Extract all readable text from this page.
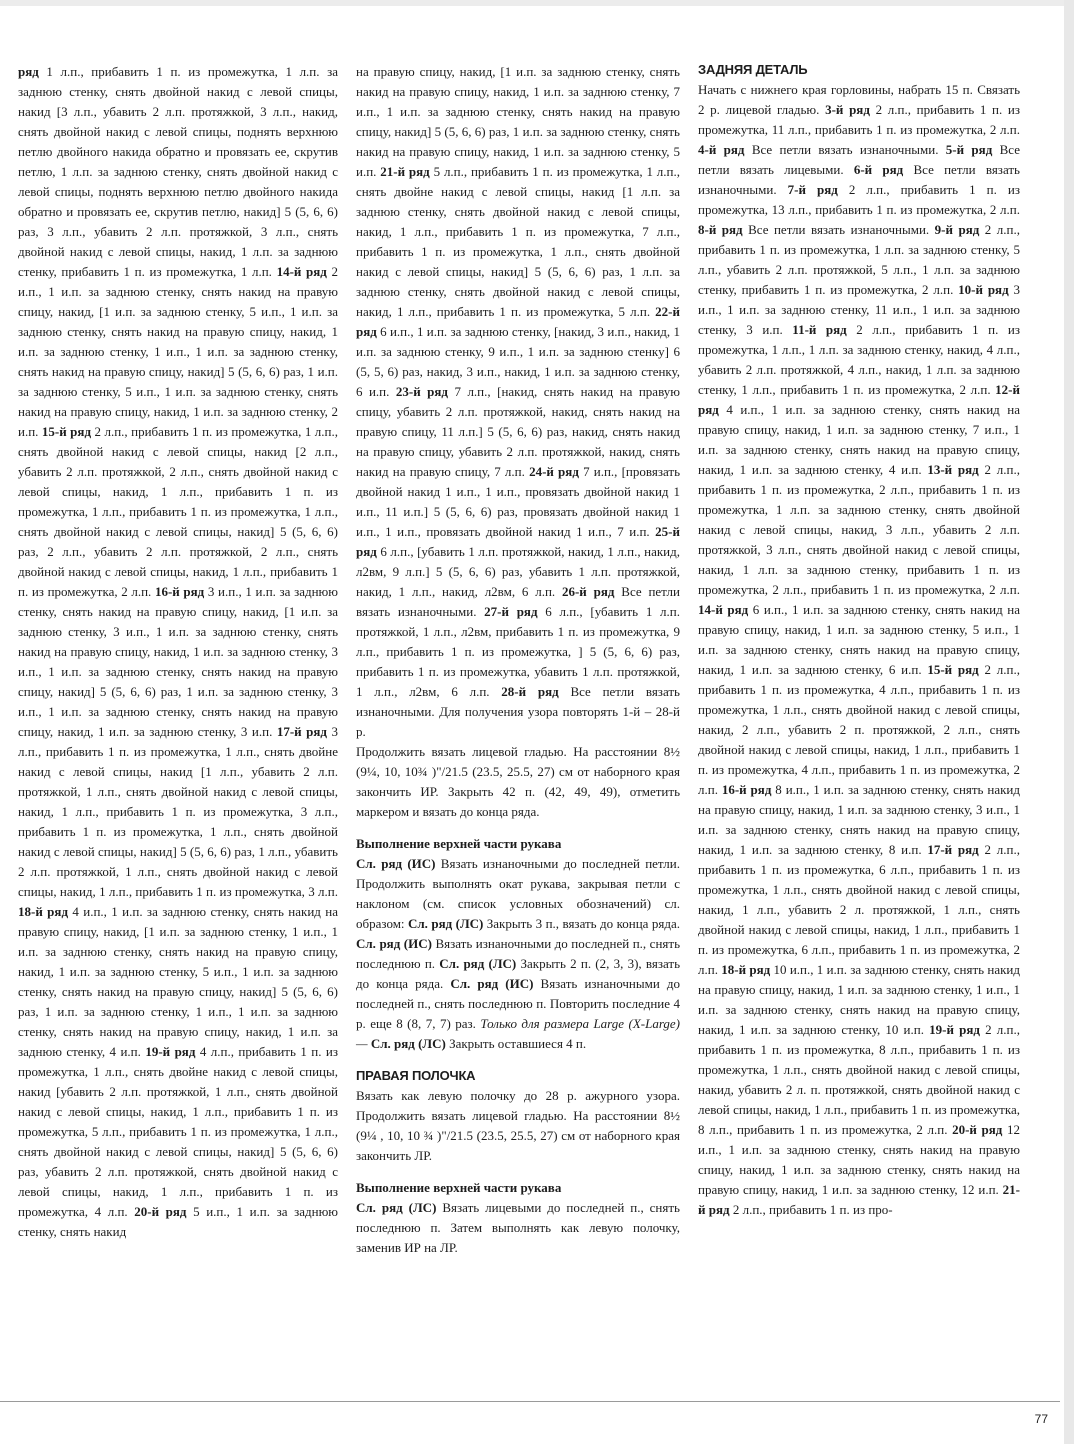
ряд 1 л.п., прибавить 1 п. из промежутка, 1 л.п. за заднюю стенку, снять двойной накид с левой спицы, накид [3 л.п., убавить 2 л.п. протяжкой, 3 л.п., накид, снять двойной накид с левой спицы, поднять верхнюю петлю двойного накида обратно и провязать ее, скрутив петлю, 1 л.п. за заднюю стенку, снять двойной накид с левой спицы, поднять верхнюю петлю двойного накида обратно и провязать ее, скрутив петлю, накид] 5 (5, 6, 6) раз, 3 л.п., убавить 2 л.п. протяжкой, 3 л.п., снять двойной накид с левой спицы, накид, 1 л.п. за заднюю стенку, прибавить 1 п. из промежутка, 1 л.п. 14-й ряд 2 и.п., 1 и.п. за заднюю стенку, снять накид на правую спицу, накид, [1 и.п. за заднюю стенку, 5 и.п., 1 и.п. за заднюю стенку, снять накид на правую спицу, накид, 1 и.п. за заднюю стенку, 1 и.п., 1 и.п. за заднюю стенку, снять накид на правую спицу, накид] 5 (5, 6, 6) раз, 1 и.п. за заднюю стенку, 5 и.п., 1 и.п. за заднюю стенку, снять накид на правую спицу, накид, 1 и.п. за заднюю стенку, 2 и.п. 15-й ряд 2 л.п., прибавить 1 п. из промежутка, 1 л.п., снять двойной накид с левой спицы, накид [2 л.п., убавить 2 л.п. протяжкой, 2 л.п., снять двойной накид с левой спицы, накид, 1 л.п., прибавить 1 п. из промежутка, 1 л.п., прибавить 1 п. из промежутка, 1 л.п., снять двойной накид с левой спицы, накид] 5 (5, 6, 6) раз, 2 л.п., убавить 2 л.п. протяжкой, 2 л.п., снять двойной накид с левой спицы, накид, 1 л.п., прибавить 1 п. из промежутка, 2 л.п. 16-й ряд 3 и.п., 1 и.п. за заднюю стенку, снять накид на правую спицу, накид, [1 и.п. за заднюю стенку, 3 и.п., 1 и.п. за заднюю стенку, снять накид на правую спицу, накид, 1 и.п. за заднюю стенку, 3 и.п., 1 и.п. за заднюю стенку, снять накид на правую спицу, накид] 5 (5, 6, 6) раз, 1 и.п. за заднюю стенку, 3 и.п., 1 и.п. за заднюю стенку, снять накид на правую спицу, накид, 1 и.п. за заднюю стенку, 3 и.п. 17-й ряд 3 л.п., прибавить 1 п. из промежутка, 1 л.п., снять двойне накид с левой спицы, накид [1 л.п., убавить 2 л.п. протяжкой, 1 л.п., снять двойной накид с левой спицы, накид, 1 л.п., прибавить 1 п. из промежутка, 3 л.п., прибавить 1 п. из промежутка, 1 л.п., снять двойной накид с левой спицы, накид] 5 (5, 6, 6) раз, 1 л.п., убавить 2 л.п. протяжкой, 1 л.п., снять двойной накид с левой спицы, накид, 1 л.п., прибавить 1 п. из промежутка, 3 л.п. 18-й ряд 4 и.п., 1 и.п. за заднюю стенку, снять накид на правую спицу, накид, [1 и.п. за заднюю стенку, 1 и.п., 1 и.п. за заднюю стенку, снять накид на правую спицу, накид, 1 и.п. за заднюю стенку, 5 и.п., 1 и.п. за заднюю стенку, снять накид на правую спицу, накид] 5 (5, 6, 6) раз, 1 и.п. за заднюю стенку, 1 и.п., 1 и.п. за заднюю стенку, снять накид на правую спицу, накид, 1 и.п. за заднюю стенку, 4 и.п. 19-й ряд 4 л.п., прибавить 1 п. из промежутка, 1 л.п., снять двойне накид с левой спицы, накид [убавить 2 л.п. протяжкой, 1 л.п., снять двойной накид с левой спицы, накид, 1 л.п., прибавить 1 п. из промежутка, 5 л.п., прибавить 1 п. из промежутка, 1 л.п., снять двойной накид с левой спицы, накид] 5 (5, 6, 6) раз, убавить 2 л.п. протяжкой, снять двойной накид с левой спицы, накид, 1 л.п., прибавить 1 п. из промежутка, 4 л.п. 20-й ряд 5 и.п., 1 и.п. за заднюю стенку, снять накид

на правую спицу, накид, [1 и.п. за заднюю стенку, снять накид на правую спицу, накид, 1 и.п. за заднюю стенку, 7 и.п., 1 и.п. за заднюю стенку, снять накид на правую спицу, накид] 5 (5, 6, 6) раз, 1 и.п. за заднюю стенку, снять накид на правую спицу, накид, 1 и.п. за заднюю стенку, 5 и.п. 21-й ряд 5 л.п., прибавить 1 п. из промежутка, 1 л.п., снять двойне накид с левой спицы, накид [1 л.п. за заднюю стенку, снять двойной накид с левой спицы, накид, 1 л.п., прибавить 1 п. из промежутка, 7 л.п., прибавить 1 п. из промежутка, 1 л.п., снять двойной накид с левой спицы, накид] 5 (5, 6, 6) раз, 1 л.п. за заднюю стенку, снять двойной накид с левой спицы, накид, 1 л.п., прибавить 1 п. из промежутка, 5 л.п. 22-й ряд 6 и.п., 1 и.п. за заднюю стенку, [накид, 3 и.п., накид, 1 и.п. за заднюю стенку, 9 и.п., 1 и.п. за заднюю стенку] 6 (5, 5, 6) раз, накид, 3 и.п., накид, 1 и.п. за заднюю стенку, 6 и.п. 23-й ряд 7 л.п., [накид, снять накид на правую спицу, убавить 2 л.п. протяжкой, накид, снять накид на правую спицу, 11 л.п.] 5 (5, 6, 6) раз, накид, снять накид на правую спицу, убавить 2 л.п. протяжкой, накид, снять накид на правую спицу, 7 л.п. 24-й ряд 7 и.п., [провязать двойной накид 1 и.п., 1 и.п., провязать двойной накид 1 и.п., 11 и.п.] 5 (5, 6, 6) раз, провязать двойной накид 1 и.п., 1 и.п., провязать двойной накид 1 и.п., 7 и.п. 25-й ряд 6 л.п., [убавить 1 л.п. протяжкой, накид, 1 л.п., накид, л2вм, 9 л.п.] 5 (5, 6, 6) раз, убавить 1 л.п. протяжкой, накид, 1 л.п., накид, л2вм, 6 л.п. 26-й ряд Все петли вязать изнаночными. 27-й ряд 6 л.п., [убавить 1 л.п. протяжкой, 1 л.п., л2вм, прибавить 1 п. из промежутка, 9 л.п., прибавить 1 п. из промежутка, ] 5 (5, 6, 6) раз, прибавить 1 п. из промежутка, убавить 1 л.п. протяжкой, 1 л.п., л2вм, 6 л.п. 28-й ряд Все петли вязать изнаночными. Для получения узора повторять 1-й – 28-й р.

Продолжить вязать лицевой гладью. На расстоянии 8½ (9¼, 10, 10¾ )"/21.5 (23.5, 25.5, 27) см от наборного края закончить ИР. Закрыть 42 п. (42, 49, 49), отметить маркером и вязать до конца ряда.

Выполнение верхней части рукава

Сл. ряд (ИС) Вязать изнаночными до последней петли. Продолжить выполнять окат рукава, закрывая петли с наклоном (см. список условных обозначений) сл. образом: Сл. ряд (ЛС) Закрыть 3 п., вязать до конца ряда. Сл. ряд (ИС) Вязать изнаночными до последней п., снять последнюю п. Сл. ряд (ЛС) Закрыть 2 п. (2, 3, 3), вязать до конца ряда. Сл. ряд (ИС) Вязать изнаночными до последней п., снять последнюю п. Повторить последние 4 р. еще 8 (8, 7, 7) раз. Только для размера Large (X-Large) — Сл. ряд (ЛС) Закрыть оставшиеся 4 п.

ПРАВАЯ ПОЛОЧКА

Вязать как левую полочку до 28 р. ажурного узора. Продолжить вязать лицевой гладью. На расстоянии 8½ (9¼ , 10, 10 ¾ )"/21.5 (23.5, 25.5, 27) см от наборного края закончить ЛР.

Выполнение верхней части рукава

Сл. ряд (ЛС) Вязать лицевыми до последней п., снять последнюю п. Затем выполнять как левую полочку, заменив ИР на ЛР.

ЗАДНЯЯ ДЕТАЛЬ

Начать с нижнего края горловины, набрать 15 п. Связать 2 р. лицевой гладью. 3-й ряд 2 л.п., прибавить 1 п. из промежутка, 11 л.п., прибавить 1 п. из промежутка, 2 л.п. 4-й ряд Все петли вязать изнаночными. 5-й ряд Все петли вязать лицевыми. 6-й ряд Все петли вязать изнаночными. 7-й ряд 2 л.п., прибавить 1 п. из промежутка, 13 л.п., прибавить 1 п. из промежутка, 2 л.п. 8-й ряд Все петли вязать изнаночными. 9-й ряд 2 л.п., прибавить 1 п. из промежутка, 1 л.п. за заднюю стенку, 5 л.п., убавить 2 л.п. протяжкой, 5 л.п., 1 л.п. за заднюю стенку, прибавить 1 п. из промежутка, 2 л.п. 10-й ряд 3 и.п., 1 и.п. за заднюю стенку, 11 и.п., 1 и.п. за заднюю стенку, 3 и.п. 11-й ряд 2 л.п., прибавить 1 п. из промежутка, 1 л.п., 1 л.п. за заднюю стенку, накид, 4 л.п., убавить 2 л.п. протяжкой, 4 л.п., накид, 1 л.п. за заднюю стенку, 1 л.п., прибавить 1 п. из промежутка, 2 л.п. 12-й ряд 4 и.п., 1 и.п. за заднюю стенку, снять накид на правую спицу, накид, 1 и.п. за заднюю стенку, 7 и.п., 1 и.п. за заднюю стенку, снять накид на правую спицу, накид, 1 и.п. за заднюю стенку, 4 и.п. 13-й ряд 2 л.п., прибавить 1 п. из промежутка, 2 л.п., прибавить 1 п. из промежутка, 1 л.п. за заднюю стенку, снять двойной накид с левой спицы, накид, 3 л.п., убавить 2 л.п. протяжкой, 3 л.п., снять двойной накид с левой спицы, накид, 1 л.п. за заднюю стенку, прибавить 1 п. из промежутка, 2 л.п., прибавить 1 п. из промежутка, 2 л.п. 14-й ряд 6 и.п., 1 и.п. за заднюю стенку, снять накид на правую спицу, накид, 1 и.п. за заднюю стенку, 5 и.п., 1 и.п. за заднюю стенку, снять накид на правую спицу, накид, 1 и.п. за заднюю стенку, 6 и.п. 15-й ряд 2 л.п., прибавить 1 п. из промежутка, 4 л.п., прибавить 1 п. из промежутка, 1 л.п., снять двойной накид с левой спицы, накид, 2 л.п., убавить 2 п. протяжкой, 2 л.п., снять двойной накид с левой спицы, накид, 1 л.п., прибавить 1 п. из промежутка, 4 л.п., прибавить 1 п. из промежутка, 2 л.п. 16-й ряд 8 и.п., 1 и.п. за заднюю стенку, снять накид на правую спицу, накид, 1 и.п. за заднюю стенку, 3 и.п., 1 и.п. за заднюю стенку, снять накид на правую спицу, накид, 1 и.п. за заднюю стенку, 8 и.п. 17-й ряд 2 л.п., прибавить 1 п. из промежутка, 6 л.п., прибавить 1 п. из промежутка, 1 л.п., снять двойной накид с левой спицы, накид, 1 л.п., убавить 2 л. протяжкой, 1 л.п., снять двойной накид с левой спицы, накид, 1 л.п., прибавить 1 п. из промежутка, 6 л.п., прибавить 1 п. из промежутка, 2 л.п. 18-й ряд 10 и.п., 1 и.п. за заднюю стенку, снять накид на правую спицу, накид, 1 и.п. за заднюю стенку, 1 и.п., 1 и.п. за заднюю стенку, снять накид на правую спицу, накид, 1 и.п. за заднюю стенку, 10 и.п. 19-й ряд 2 л.п., прибавить 1 п. из промежутка, 8 л.п., прибавить 1 п. из промежутка, 1 л.п., снять двойной накид с левой спицы, накид, убавить 2 л. п. протяжкой, снять двойной накид с левой спицы, накид, 1 л.п., прибавить 1 п. из промежутка, 8 л.п., прибавить 1 п. из промежутка, 2 л.п. 20-й ряд 12 и.п., 1 и.п. за заднюю стенку, снять накид на правую спицу, накид, 1 и.п. за заднюю стенку, снять накид на правую спицу, накид, 1 и.п. за заднюю стенку, 12 и.п. 21-й ряд 2 л.п., прибавить 1 п. из про-

77
